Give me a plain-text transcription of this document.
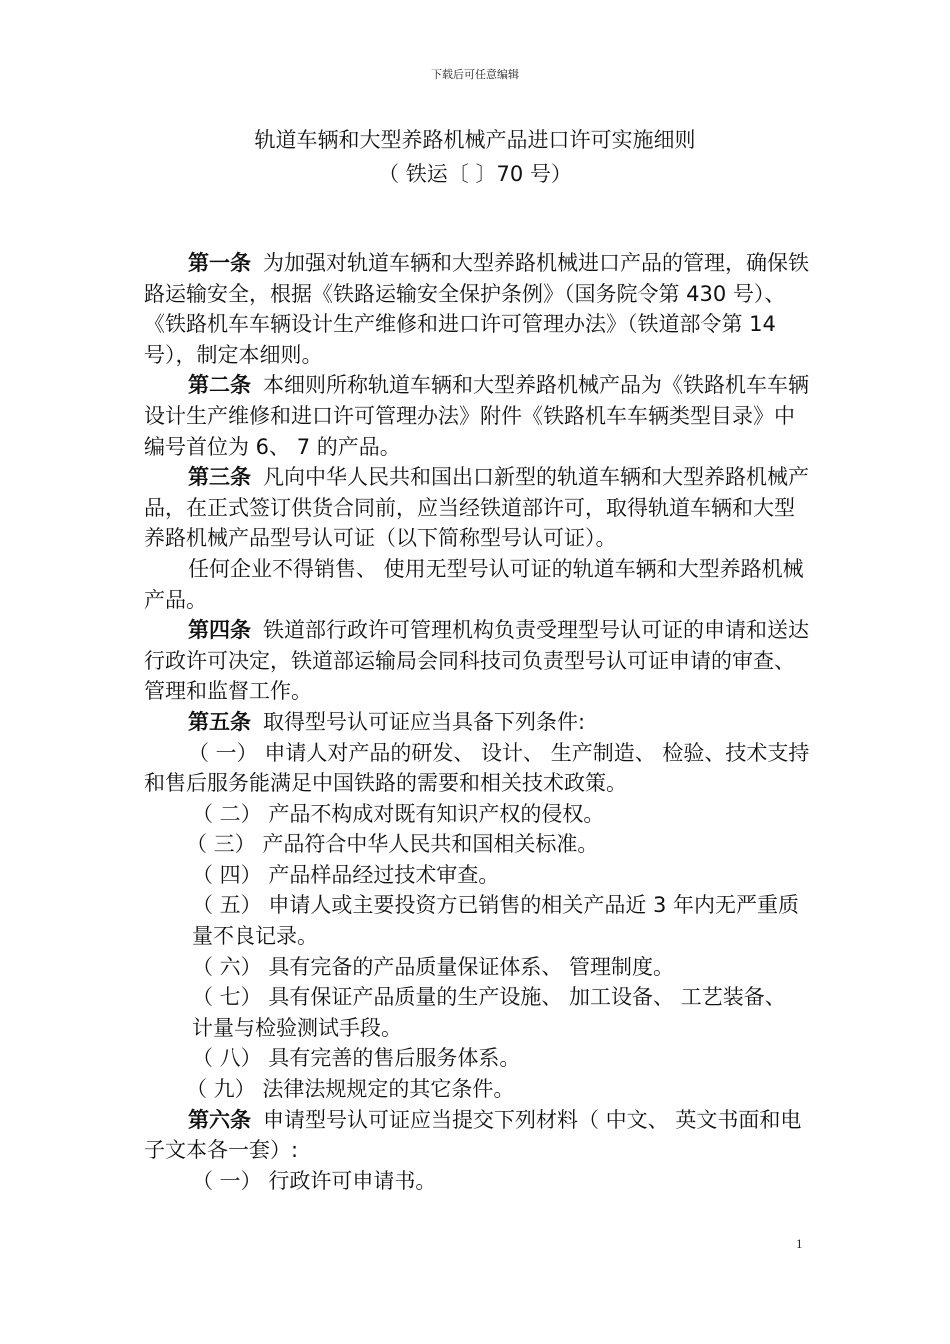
下载后可任意编辑
轨道车辆和大型养路机械产品进口许可实施细则
（ 铁运〔 〕70 号）

第一条 为加强对轨道车辆和大型养路机械进口产品的管理，确保铁路运输安全，根据《铁路运输安全保护条例》（国务院令第 430 号）、《铁路机车车辆设计生产维修和进口许可管理办法》（铁道部令第 14 号），制定本细则。

第二条 本细则所称轨道车辆和大型养路机械产品为《铁路机车车辆设计生产维修和进口许可管理办法》附件《铁路机车车辆类型目录》中编号首位为 6、 7 的产品。

第三条 凡向中华人民共和国出口新型的轨道车辆和大型养路机械产品，在正式签订供货合同前，应当经铁道部许可，取得轨道车辆和大型养路机械产品型号认可证（以下简称型号认可证）。

任何企业不得销售、 使用无型号认可证的轨道车辆和大型养路机械产品。

第四条 铁道部行政许可管理机构负责受理型号认可证的申请和送达行政许可决定，铁道部运输局会同科技司负责型号认可证申请的审查、 管理和监督工作。

第五条 取得型号认可证应当具备下列条件:

（ 一） 申请人对产品的研发、 设计、 生产制造、 检验、技术支持和售后服务能满足中国铁路的需要和相关技术政策。

（ 二） 产品不构成对既有知识产权的侵权。

（ 三） 产品符合中华人民共和国相关标准。

（ 四） 产品样品经过技术审查。

（ 五） 申请人或主要投资方已销售的相关产品近 3 年内无严重质量不良记录。

（ 六） 具有完备的产品质量保证体系、 管理制度。

（ 七） 具有保证产品质量的生产设施、 加工设备、 工艺装备、 计量与检验测试手段。

（ 八） 具有完善的售后服务体系。

（ 九） 法律法规规定的其它条件。

第六条 申请型号认可证应当提交下列材料（ 中文、 英文书面和电子文本各一套）:

（ 一） 行政许可申请书。

1
